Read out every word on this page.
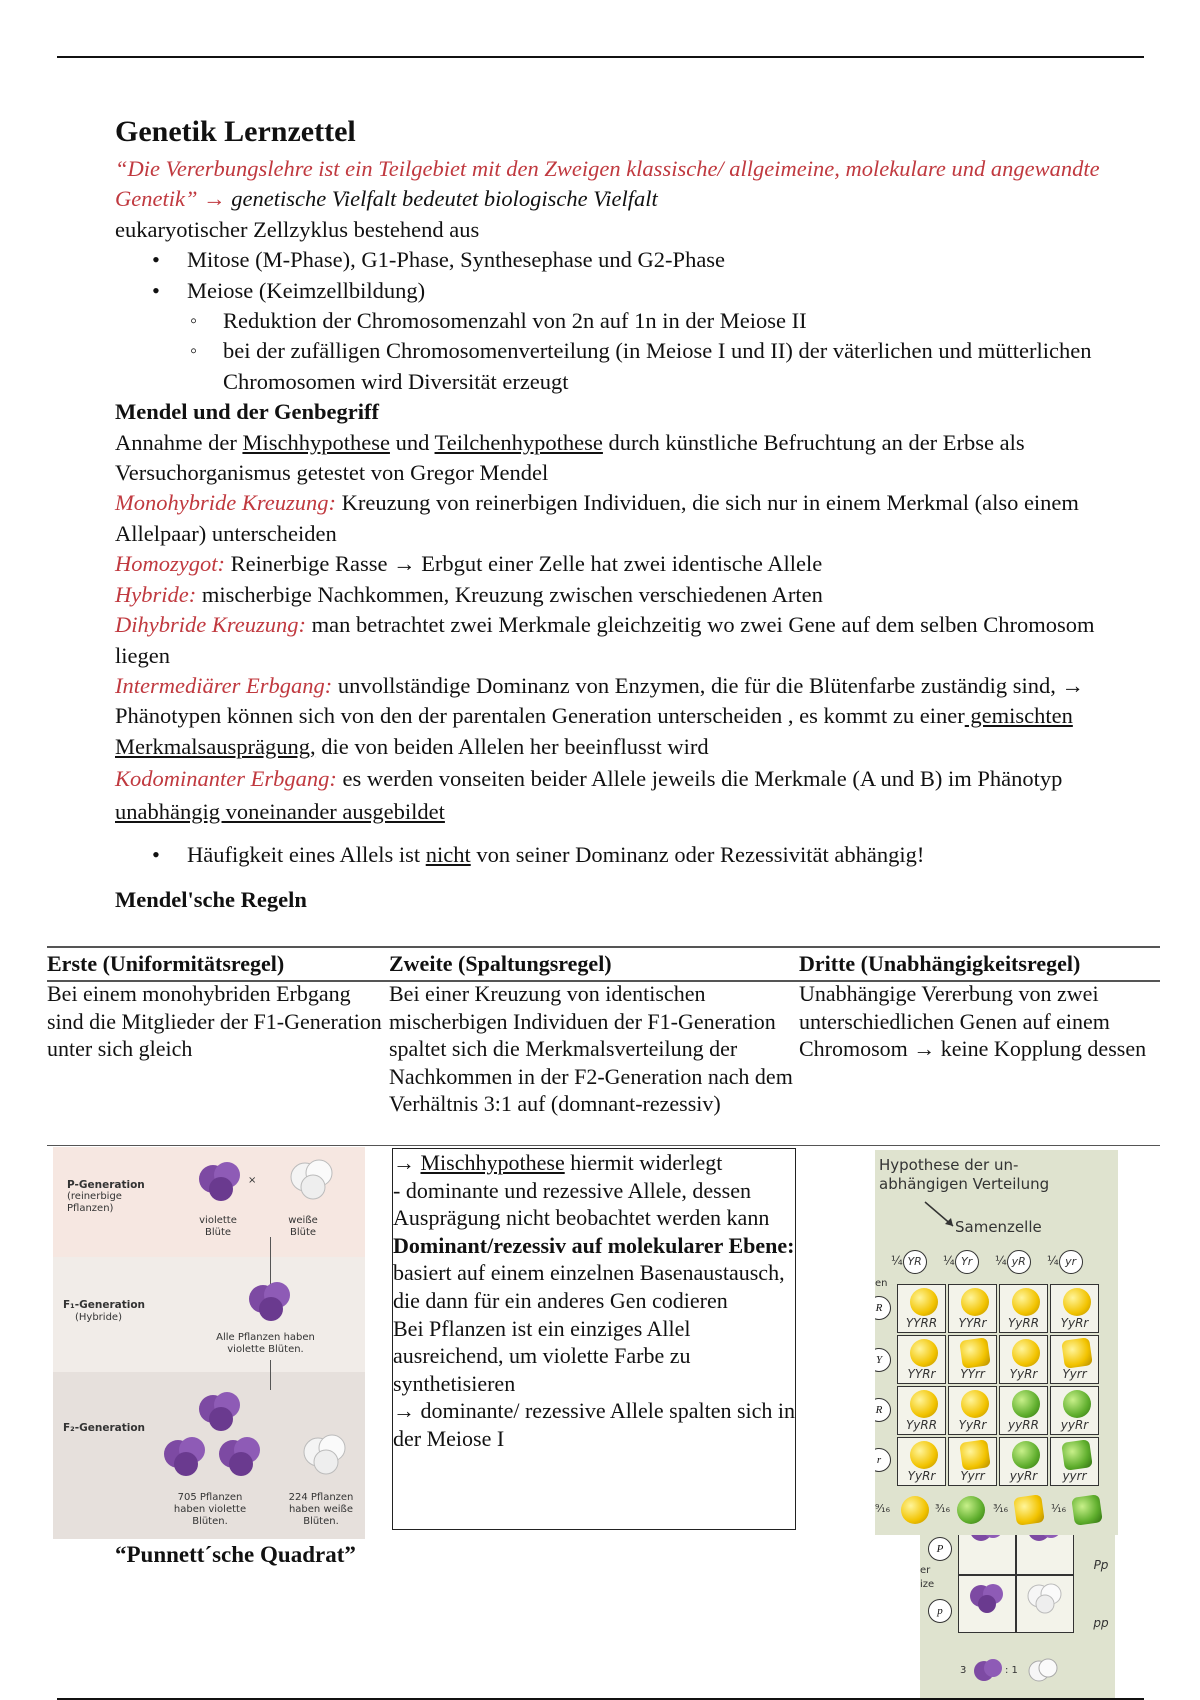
Genetik Lernzettel

“Die Vererbungslehre ist ein Teilgebiet mit den Zweigen klassische/ allgeimeine, molekulare und angewandte Genetik” → genetische Vielfalt bedeutet biologische Vielfalt

eukaryotischer Zellzyklus bestehend aus

• Mitose (M-Phase), G1-Phase, Synthesephase und G2-Phase
• Meiose (Keimzellbildung)
◦ Reduktion der Chromosomenzahl von 2n auf 1n in der Meiose II
◦ bei der zufälligen Chromosomenverteilung (in Meiose I und II) der väterlichen und mütterlichen Chromosomen wird Diversität erzeugt

Mendel und der Genbegriff

Annahme der Mischhypothese und Teilchenhypothese durch künstliche Befruchtung an der Erbse als Versuchorganismus getestet von Gregor Mendel

Monohybride Kreuzung: Kreuzung von reinerbigen Individuen, die sich nur in einem Merkmal (also einem Allelpaar) unterscheiden

Homozygot: Reinerbige Rasse → Erbgut einer Zelle hat zwei identische Allele

Hybride: mischerbige Nachkommen, Kreuzung zwischen verschiedenen Arten

Dihybride Kreuzung: man betrachtet zwei Merkmale gleichzeitig wo zwei Gene auf dem selben Chromosom liegen

Intermediärer Erbgang: unvollständige Dominanz von Enzymen, die für die Blütenfarbe zuständig sind, → Phänotypen können sich von den der parentalen Generation unterscheiden , es kommt zu einer gemischten Merkmalsausprägung, die von beiden Allelen her beeinflusst wird

Kodominanter Erbgang: es werden vonseiten beider Allele jeweils die Merkmale (A und B) im Phänotyp unabhängig voneinander ausgebildet

• Häufigkeit eines Allels ist nicht von seiner Dominanz oder Rezessivität abhängig!

Mendel'sche Regeln

Erste (Uniformitätsregel)	Zweite (Spaltungsregel)	Dritte (Unabhängigkeitsregel)
Bei einem monohybriden Erbgang sind die Mitglieder der F1-Generation unter sich gleich
Bei einer Kreuzung von identischen mischerbigen Individuen der F1-Generation spaltet sich die Merkmalsverteilung der Nachkommen in der F2-Generation nach dem Verhältnis 3:1 auf (domnant-rezessiv)
Unabhängige Vererbung von zwei unterschiedlichen Genen auf einem Chromosom → keine Kopplung dessen
P-Generation
(reinerbige Pflanzen)
×
violette Blüte
weiße Blüte
F₁-Generation
(Hybride)
Alle Pflanzen haben violette Blüten.
F₂-Generation
705 Pflanzen haben violette Blüten.
224 Pflanzen haben weiße Blüten.

→ Mischhypothese hiermit widerlegt

- dominante und rezessive Allele, dessen Ausprägung nicht beobachtet werden kann

Dominant/rezessiv auf molekularer Ebene: basiert auf einem einzelnen Basenaustausch, die dann für ein anderes Gen codieren

Bei Pflanzen ist ein einziges Allel ausreichend, um violette Farbe zu synthetisieren

→ dominante/ rezessive Allele spalten sich in der Meiose I

Hypothese der un-abhängigen Verteilung
Samenzelle
¼ YR	¼ Yr	¼ yR	¼ yr
en
R
Y
R
r
YYRR	YYRr	YyRR	YyRr
YYRr	YYrr	YyRr	Yyrr
YyRR	YyRr	yyRR	yyRr
YyRr	Yyrr	yyRr	yyrr
⁹⁄₁₆	³⁄₁₆	³⁄₁₆	¹⁄₁₆
P
er
ize
p
Pp
pp
3	: 1
“Punnett´sche Quadrat”
